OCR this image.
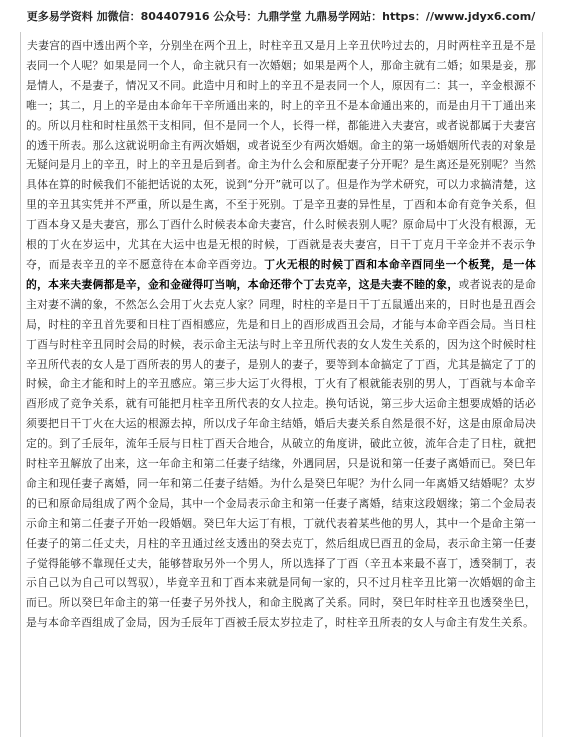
更多易学资料 加微信：804407916 公众号：九鼎学堂 九鼎易学网站：https：//www.jdyx6.com/
夫妻宫的酉中透出两个辛，分别坐在两个丑上，时柱辛丑又是月上辛丑伏吟过去的，月时两柱辛丑是不是表同一个人呢？如果是同一个人，命主就只有一次婚姻；如果是两个人，那命主就有二婚；如果是妾，那是情人，不是妻子，情况又不同。此造中月和时上的辛丑不是表同一个人，原因有二：其一，辛金根源不唯一；其二，月上的辛是由本命年干辛所通出来的，时上的辛丑不是本命通出来的，而是由月干丁通出来的。所以月柱和时柱虽然干支相同，但不是同一个人，长得一样，都能进入夫妻宫，或者说都属于夫妻宫的透干所表。那么这就说明命主有两次婚姻，或者说至少有两次婚姻。命主的第一场婚姻所代表的对象是无疑问是月上的辛丑，时上的辛丑是后到者。命主为什么会和原配妻子分开呢？是生离还是死别呢？当然具体在算的时候我们不能把话说的太死，说到“分开”就可以了。但是作为学术研究，可以力求搞清楚，这里的辛丑其实凭并不严重，所以是生离，不至于死别。丁是辛丑妻的异性星，丁酉和本命有竞争关系，但丁酉本身又是夫妻宫，那么丁酉什么时候表本命夫妻宫，什么时候表别人呢？原命局中丁火没有根源，无根的丁火在岁运中，尤其在大运中也是无根的时候，丁酉就是表夫妻宫，日干丁克月干辛金并不表示争夺，而是表辛丑的辛不愿意待在本命辛酉旁边。丁火无根的时候丁酉和本命辛酉同坐一个板凳，是一体的，本来夫妻俩都是辛，金和金碰得叮当响，本命还带个丁去克辛，这是夫妻不睦的象，或者说表的是命主对妻不满的象，不然怎么会用丁火去克人家？同理，时柱的辛是日干丁五鼠遁出来的，日时也是丑酉会局，时柱的辛丑首先要和日柱丁酉相感应，先是和日上的酉形成酉丑会局，才能与本命辛酉会局。当日柱丁酉与时柱辛丑同时会局的时候，表示命主无法与时上辛丑所代表的女人发生关系的，因为这个时候时柱辛丑所代表的女人是丁酉所表的男人的妻子，是别人的妻子，要等到本命搞定了丁酉，尤其是搞定了丁的时候，命主才能和时上的辛丑感应。第三步大运丁火得根，丁火有了根就能表别的男人，丁酉就与本命辛酉形成了竞争关系，就有可能把月柱辛丑所代表的女人拉走。换句话说，第三步大运命主想要成婚的话必须要把日干丁火在大运的根源去掉，所以戊子年命主结婚，婚后夫妻关系自然是很不好，这是由原命局决定的。到了壬辰年，流年壬辰与日柱丁酉天合地合，从破立的角度讲，破此立彼，流年合走了日柱，就把时柱辛丑解放了出来，这一年命主和第二任妻子结缘，外遇同居，只是说和第一任妻子离婚而已。癸巳年命主和现任妻子离婚，同一年和第二任妻子结婚。为什么是癸巳年呢？为什么同一年离婚又结婚呢？太岁的已和原命局组成了两个金局，其中一个金局表示命主和第一任妻子离婚，结束这段姻缘；第二个金局表示命主和第二任妻子开始一段婚姻。癸巳年大运丁有根，丁就代表着某些他的男人，其中一个是命主第一任妻子的第二任丈夫，月柱的辛丑通过丝支透出的癸去克丁，然后组成巳酉丑的金局，表示命主第一任妻子觉得能够不靠现任丈夫，能够替取另外一个男人，所以选择了丁酉（辛丑本来最不喜丁，透癸制丁，表示自己以为自己可以驾驭），毕竟辛丑和丁酉本来就是同甸一家的，只不过月柱辛丑比第一次婚姻的命主而已。所以癸巳年命主的第一任妻子另外找人，和命主脱离了关系。同时，癸巳年时柱辛丑也透癸坐巳，是与本命辛酉组成了金局，因为壬辰年丁酉被壬辰太岁拉走了，时柱辛丑所表的女人与命主有发生关系。
